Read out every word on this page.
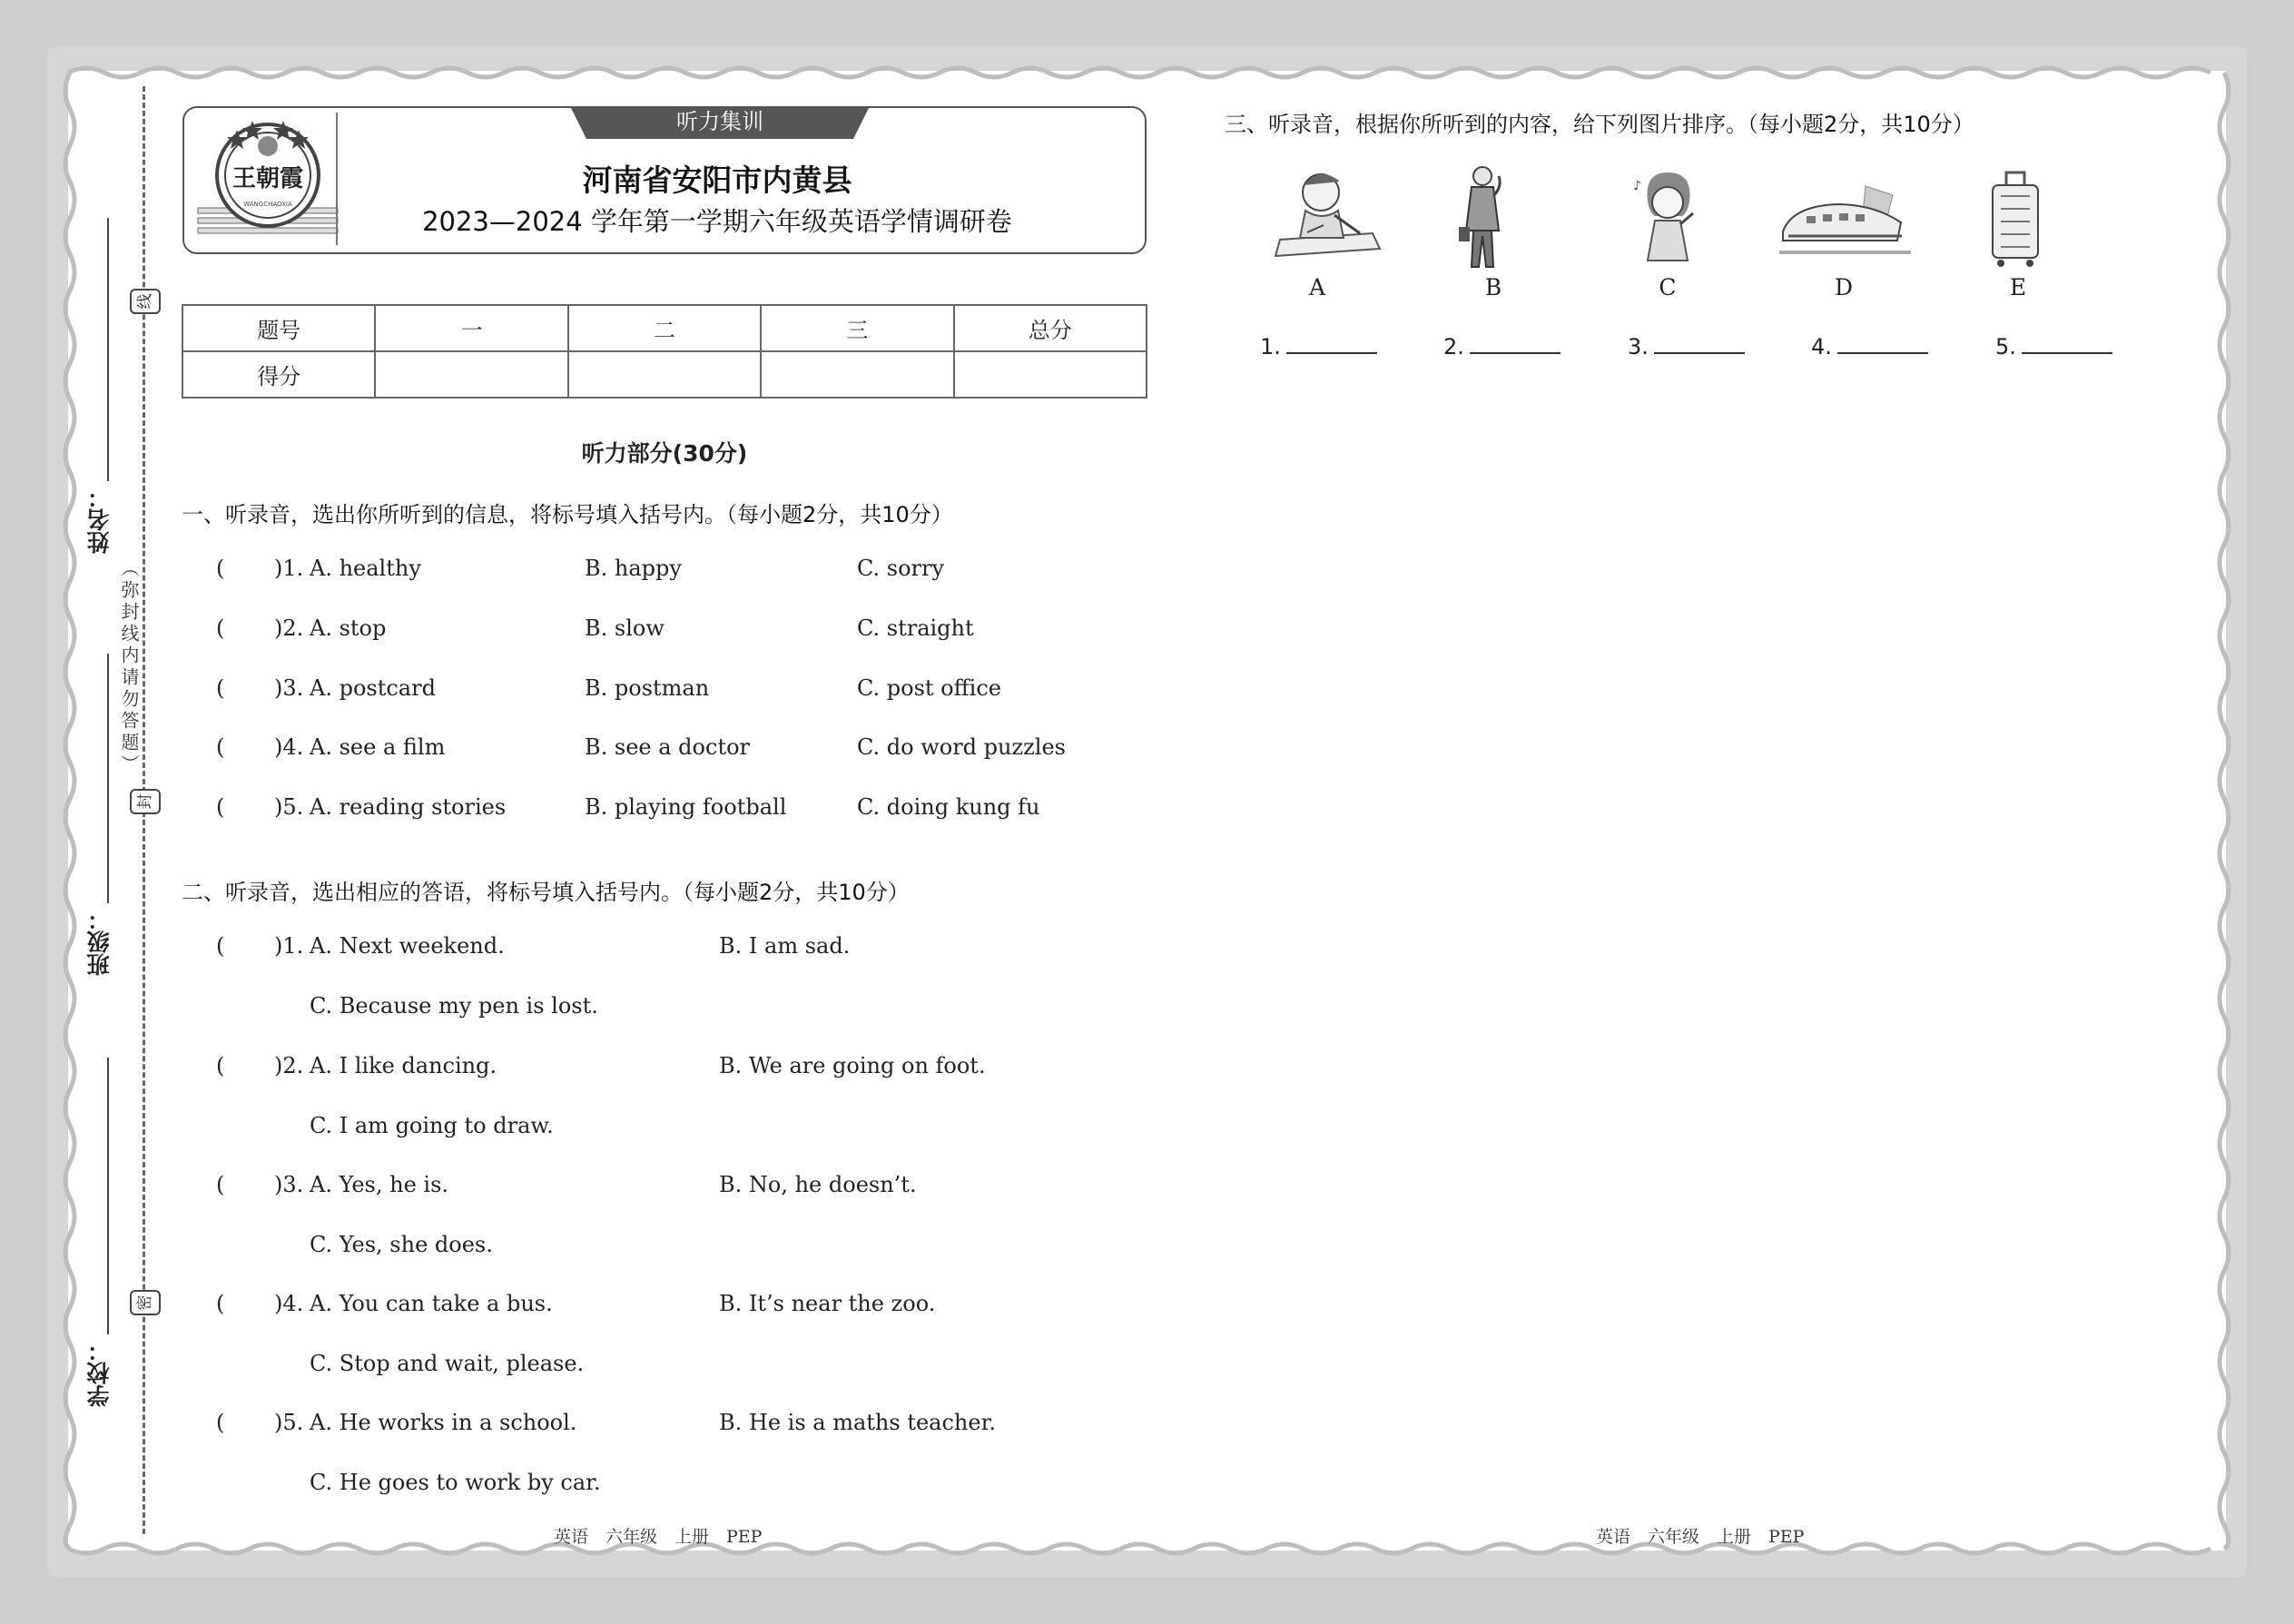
姓名：
班级：
学校：
线
封
密
（弥封线内请勿答题）
王朝霞
WANGCHAOXIA
听力集训
河南省安阳市内黄县
2023—2024 学年第一学期六年级英语学情调研卷
题号	一	二	三	总分
得分				
听力部分(30分)
一、听录音，选出你所听到的信息，将标号填入括号内。（每小题2分，共10分）
( )1. A. healthy	B. happy	C. sorry
( )2. A. stop	B. slow	C. straight
( )3. A. postcard	B. postman	C. post office
( )4. A. see a film	B. see a doctor	C. do word puzzles
( )5. A. reading stories	B. playing football	C. doing kung fu
二、听录音，选出相应的答语，将标号填入括号内。（每小题2分，共10分）
( )1. A. Next weekend.	B. I am sad.
C. Because my pen is lost.
( )2. A. I like dancing.	B. We are going on foot.
C. I am going to draw.
( )3. A. Yes, he is.	B. No, he doesn’t.
C. Yes, she does.
( )4. A. You can take a bus.	B. It’s near the zoo.
C. Stop and wait, please.
( )5. A. He works in a school.	B. He is a maths teacher.
C. He goes to work by car.
三、听录音，根据你所听到的内容，给下列图片排序。（每小题2分，共10分）
♪
A	B	C	D	E
1.	2.	3.	4.	5.
英语　六年级　上册　PEP	英语　六年级　上册　PEP
